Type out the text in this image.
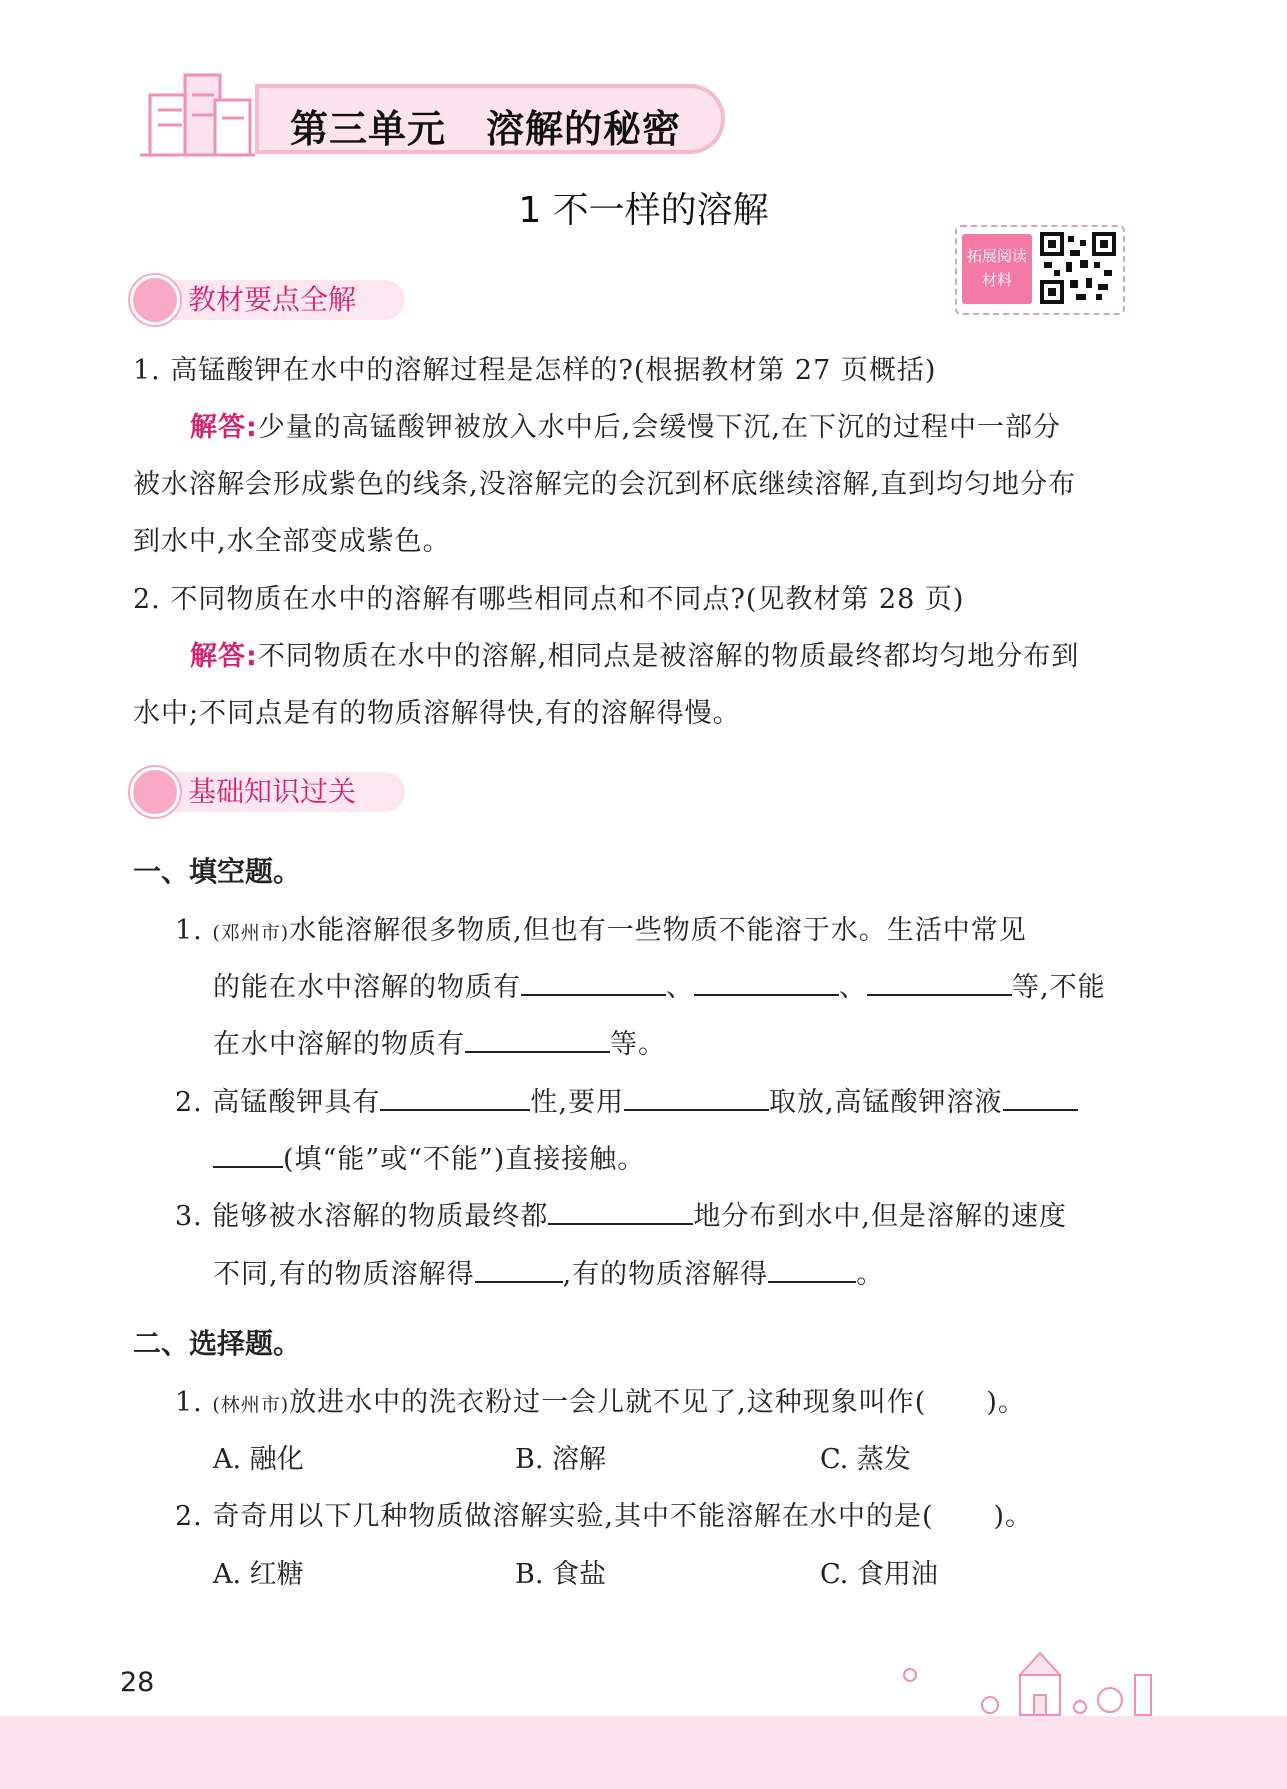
第三单元 溶解的秘密
1 不一样的溶解
拓展阅读
材料
教材要点全解
1. 高锰酸钾在水中的溶解过程是怎样的?(根据教材第 27 页概括)
解答:少量的高锰酸钾被放入水中后,会缓慢下沉,在下沉的过程中一部分
被水溶解会形成紫色的线条,没溶解完的会沉到杯底继续溶解,直到均匀地分布
到水中,水全部变成紫色。
2. 不同物质在水中的溶解有哪些相同点和不同点?(见教材第 28 页)
解答:不同物质在水中的溶解,相同点是被溶解的物质最终都均匀地分布到
水中;不同点是有的物质溶解得快,有的溶解得慢。
基础知识过关
一、填空题。
1. (邓州市)水能溶解很多物质,但也有一些物质不能溶于水。生活中常见
的能在水中溶解的物质有	、	、	等,不能
在水中溶解的物质有	等。
2. 高锰酸钾具有	性,要用	取放,高锰酸钾溶液
(填“能”或“不能”)直接接触。
3. 能够被水溶解的物质最终都	地分布到水中,但是溶解的速度
不同,有的物质溶解得	,有的物质溶解得	。
二、选择题。
1. (林州市)放进水中的洗衣粉过一会儿就不见了,这种现象叫作( )。
A. 融化	B. 溶解	C. 蒸发
2. 奇奇用以下几种物质做溶解实验,其中不能溶解在水中的是( )。
A. 红糖	B. 食盐	C. 食用油
28
